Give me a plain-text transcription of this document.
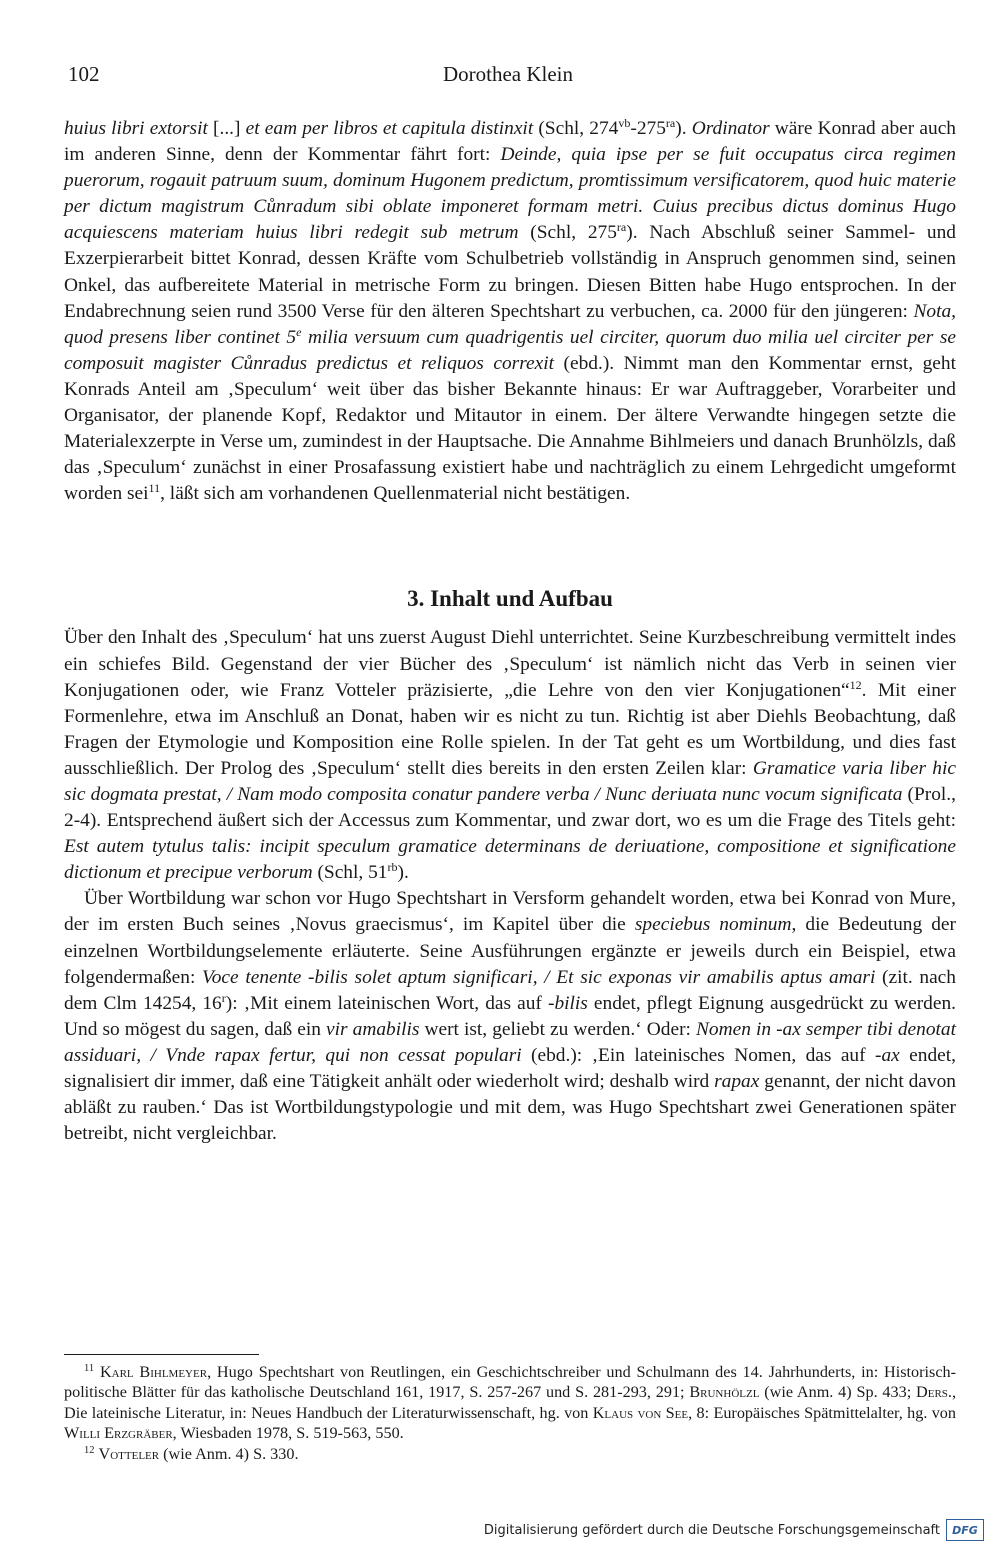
102	Dorothea Klein

huius libri extorsit [...] et eam per libros et capitula distinxit (Schl, $274^{vb}-275^{ra}$). Ordinator wäre Konrad aber auch im anderen Sinne, denn der Kommentar fährt fort: Deinde, quia ipse per se fuit occupatus circa regimen puerorum, rogauit patruum suum, dominum Hugonem predictum, promtissimum versificatorem, quod huic materie per dictum magistrum Cůnradum sibi oblate imponeret formam metri. Cuius precibus dictus dominus Hugo acquiescens materiam huius libri redegit sub metrum (Schl, $275^{ra}$). Nach Abschluß seiner Sammel- und Exzerpierarbeit bittet Konrad, dessen Kräfte vom Schulbetrieb vollständig in Anspruch genommen sind, seinen Onkel, das aufbereitete Material in metrische Form zu bringen. Diesen Bitten habe Hugo entsprochen. In der Endabrechnung seien rund 3500 Verse für den älteren Spechtshart zu verbuchen, ca. 2000 für den jüngeren: Nota, quod presens liber continet 5e milia versuum cum quadrigentis uel circiter, quorum duo milia uel circiter per se composuit magister Cůnradus predictus et reliquos correxit (ebd.). Nimmt man den Kommentar ernst, geht Konrads Anteil am ‚Speculum‘ weit über das bisher Bekannte hinaus: Er war Auftraggeber, Vorarbeiter und Organisator, der planende Kopf, Redaktor und Mitautor in einem. Der ältere Verwandte hingegen setzte die Materialexzerpte in Verse um, zumindest in der Hauptsache. Die Annahme Bihlmeiers und danach Brunhölzls, daß das ‚Speculum‘ zunächst in einer Prosafassung existiert habe und nachträglich zu einem Lehrgedicht umgeformt worden sei$^{11}$, läßt sich am vorhandenen Quellenmaterial nicht bestätigen.

3. Inhalt und Aufbau

Über den Inhalt des ‚Speculum‘ hat uns zuerst August Diehl unterrichtet. Seine Kurzbeschreibung vermittelt indes ein schiefes Bild. Gegenstand der vier Bücher des ‚Speculum‘ ist nämlich nicht das Verb in seinen vier Konjugationen oder, wie Franz Votteler präzisierte, „die Lehre von den vier Konjugationen“$^{12}$. Mit einer Formenlehre, etwa im Anschluß an Donat, haben wir es nicht zu tun. Richtig ist aber Diehls Beobachtung, daß Fragen der Etymologie und Komposition eine Rolle spielen. In der Tat geht es um Wortbildung, und dies fast ausschließlich. Der Prolog des ‚Speculum‘ stellt dies bereits in den ersten Zeilen klar: Gramatice varia liber hic sic dogmata prestat, / Nam modo composita conatur pandere verba / Nunc deriuata nunc vocum significata (Prol., 2-4). Entsprechend äußert sich der Accessus zum Kommentar, und zwar dort, wo es um die Frage des Titels geht: Est autem tytulus talis: incipit speculum gramatice determinans de deriuatione, compositione et significatione dictionum et precipue verborum (Schl, $51^{rb}$).

Über Wortbildung war schon vor Hugo Spechtshart in Versform gehandelt worden, etwa bei Konrad von Mure, der im ersten Buch seines ‚Novus graecismus‘, im Kapitel über die speciebus nominum, die Bedeutung der einzelnen Wortbildungselemente erläuterte. Seine Ausführungen ergänzte er jeweils durch ein Beispiel, etwa folgendermaßen: Voce tenente -bilis solet aptum significari, / Et sic exponas vir amabilis aptus amari (zit. nach dem Clm 14254, 16$^r$): ‚Mit einem lateinischen Wort, das auf -bilis endet, pflegt Eignung ausgedrückt zu werden. Und so mögest du sagen, daß ein vir amabilis wert ist, geliebt zu werden.‘ Oder: Nomen in -ax semper tibi denotat assiduari, / Vnde rapax fertur, qui non cessat populari (ebd.): ‚Ein lateinisches Nomen, das auf -ax endet, signalisiert dir immer, daß eine Tätigkeit anhält oder wiederholt wird; deshalb wird rapax genannt, der nicht davon abläßt zu rauben.‘ Das ist Wortbildungstypologie und mit dem, was Hugo Spechtshart zwei Generationen später betreibt, nicht vergleichbar.

$^{11}$ Karl Bihlmeyer, Hugo Spechtshart von Reutlingen, ein Geschichtschreiber und Schulmann des 14. Jahrhunderts, in: Historisch-politische Blätter für das katholische Deutschland 161, 1917, S. 257-267 und S. 281-293, 291; Brunhölzl (wie Anm. 4) Sp. 433; Ders., Die lateinische Literatur, in: Neues Handbuch der Literaturwissenschaft, hg. von Klaus von See, 8: Europäisches Spätmittelalter, hg. von Willi Erzgräber, Wiesbaden 1978, S. 519-563, 550.

$^{12}$ Votteler (wie Anm. 4) S. 330.

Digitalisierung gefördert durch die Deutsche Forschungsgemeinschaft	DFG
